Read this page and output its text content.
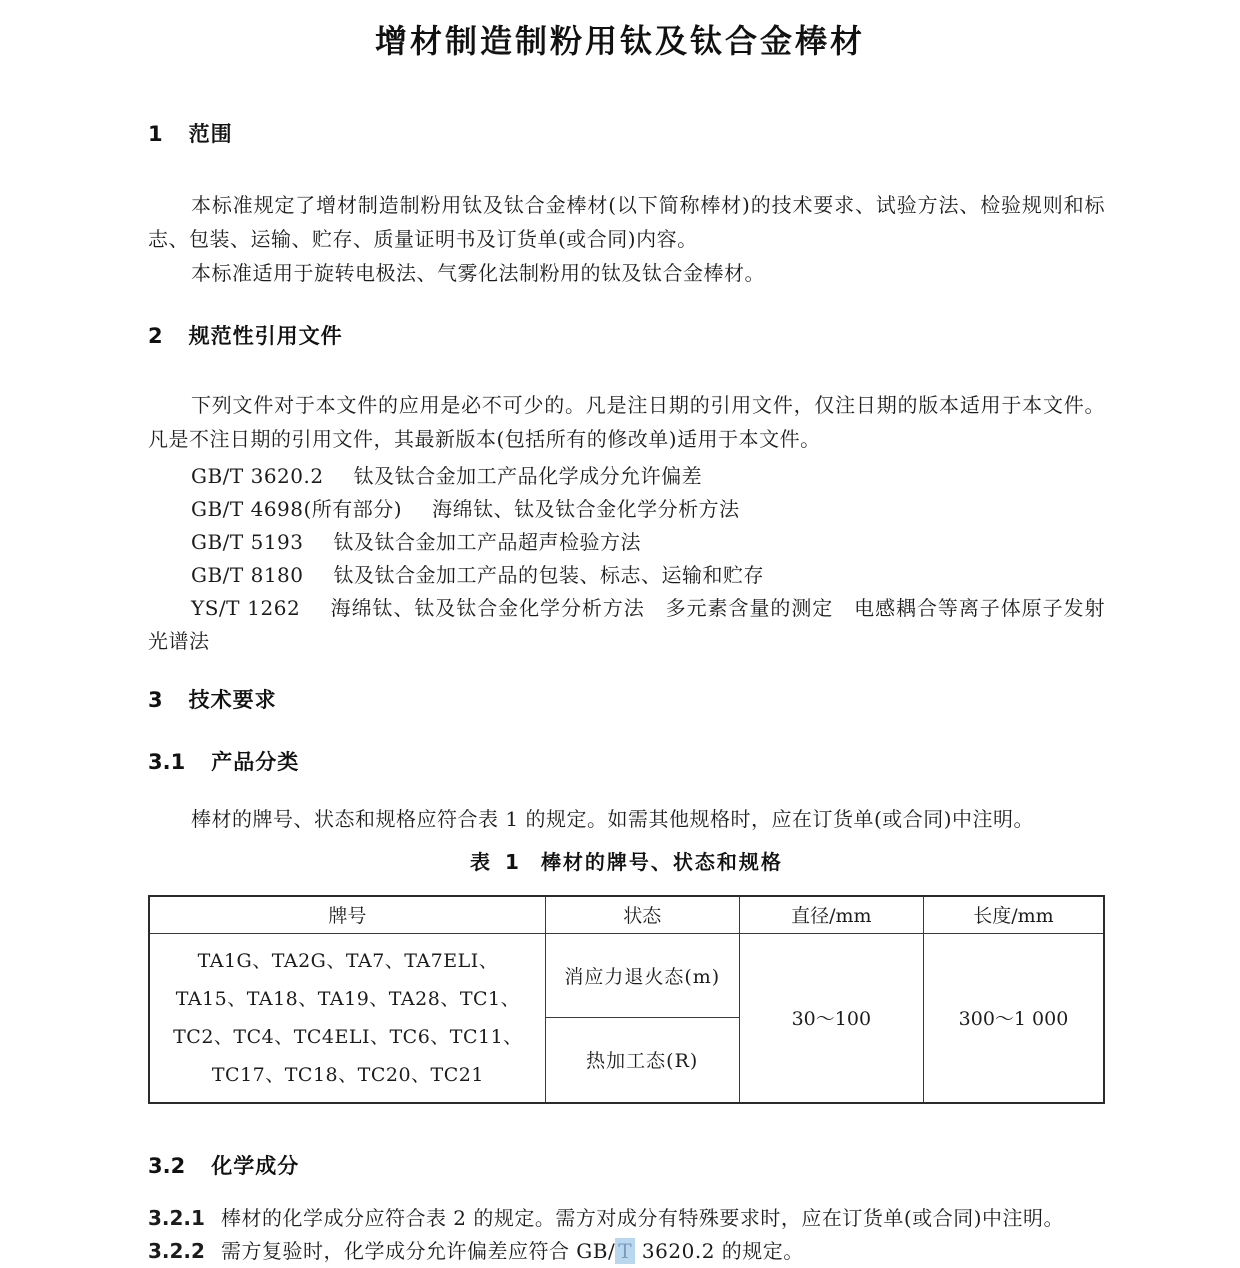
增材制造制粉用钛及钛合金棒材
1 范围

本标准规定了增材制造制粉用钛及钛合金棒材(以下简称棒材)的技术要求、试验方法、检验规则和标志、包装、运输、贮存、质量证明书及订货单(或合同)内容。

本标准适用于旋转电极法、气雾化法制粉用的钛及钛合金棒材。

2 规范性引用文件

下列文件对于本文件的应用是必不可少的。凡是注日期的引用文件，仅注日期的版本适用于本文件。凡是不注日期的引用文件，其最新版本(包括所有的修改单)适用于本文件。

GB/T 3620.2 钛及钛合金加工产品化学成分允许偏差

GB/T 4698(所有部分) 海绵钛、钛及钛合金化学分析方法

GB/T 5193 钛及钛合金加工产品超声检验方法

GB/T 8180 钛及钛合金加工产品的包装、标志、运输和贮存

YS/T 1262 海绵钛、钛及钛合金化学分析方法　多元素含量的测定　电感耦合等离子体原子发射光谱法

3 技术要求
3.1 产品分类

棒材的牌号、状态和规格应符合表 1 的规定。如需其他规格时，应在订货单(或合同)中注明。

表 1 棒材的牌号、状态和规格
牌号	状态	直径/mm	长度/mm
TA1G、TA2G、TA7、TA7ELI、TA15、TA18、TA19、TA28、TC1、TC2、TC4、TC4ELI、TC6、TC11、TC17、TC18、TC20、TC21	消应力退火态(m)	30～100	300～1 000
	热加工态(R)		
3.2 化学成分

3.2.1 棒材的化学成分应符合表 2 的规定。需方对成分有特殊要求时，应在订货单(或合同)中注明。

3.2.2 需方复验时，化学成分允许偏差应符合 GB/ T 3620.2 的规定。
